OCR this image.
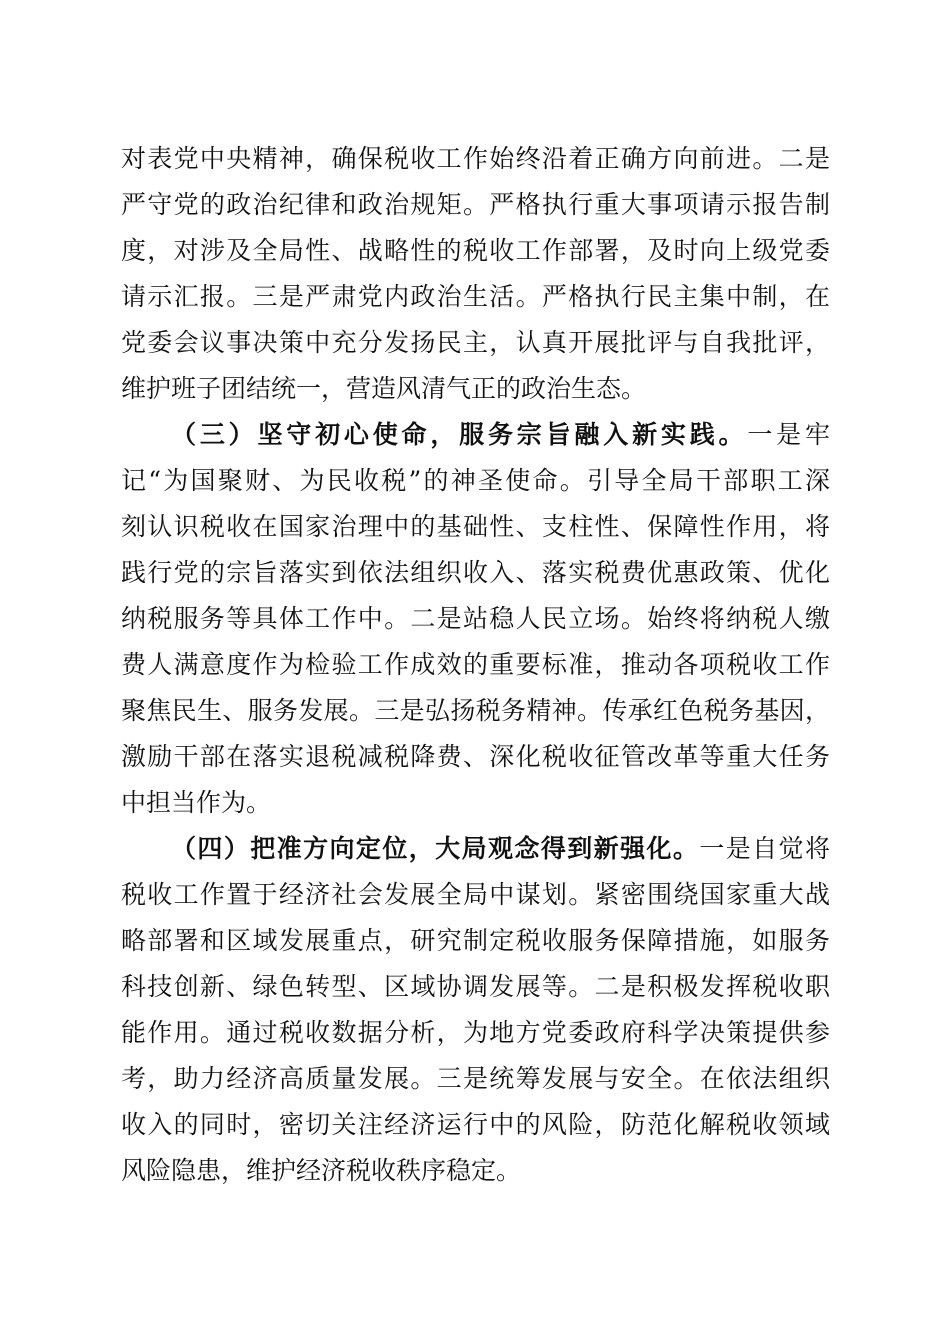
对表党中央精神，确保税收工作始终沿着正确方向前进。二是
严守党的政治纪律和政治规矩。严格执行重大事项请示报告制
度，对涉及全局性、战略性的税收工作部署，及时向上级党委
请示汇报。三是严肃党内政治生活。严格执行民主集中制，在
党委会议事决策中充分发扬民主，认真开展批评与自我批评，
维护班子团结统一，营造风清气正的政治生态。
（三）坚守初心使命，服务宗旨融入新实践。一是牢
记“为国聚财、为民收税”的神圣使命。引导全局干部职工深
刻认识税收在国家治理中的基础性、支柱性、保障性作用，将
践行党的宗旨落实到依法组织收入、落实税费优惠政策、优化
纳税服务等具体工作中。二是站稳人民立场。始终将纳税人缴
费人满意度作为检验工作成效的重要标准，推动各项税收工作
聚焦民生、服务发展。三是弘扬税务精神。传承红色税务基因，
激励干部在落实退税减税降费、深化税收征管改革等重大任务
中担当作为。
（四）把准方向定位，大局观念得到新强化。一是自觉将
税收工作置于经济社会发展全局中谋划。紧密围绕国家重大战
略部署和区域发展重点，研究制定税收服务保障措施，如服务
科技创新、绿色转型、区域协调发展等。二是积极发挥税收职
能作用。通过税收数据分析，为地方党委政府科学决策提供参
考，助力经济高质量发展。三是统筹发展与安全。在依法组织
收入的同时，密切关注经济运行中的风险，防范化解税收领域
风险隐患，维护经济税收秩序稳定。
